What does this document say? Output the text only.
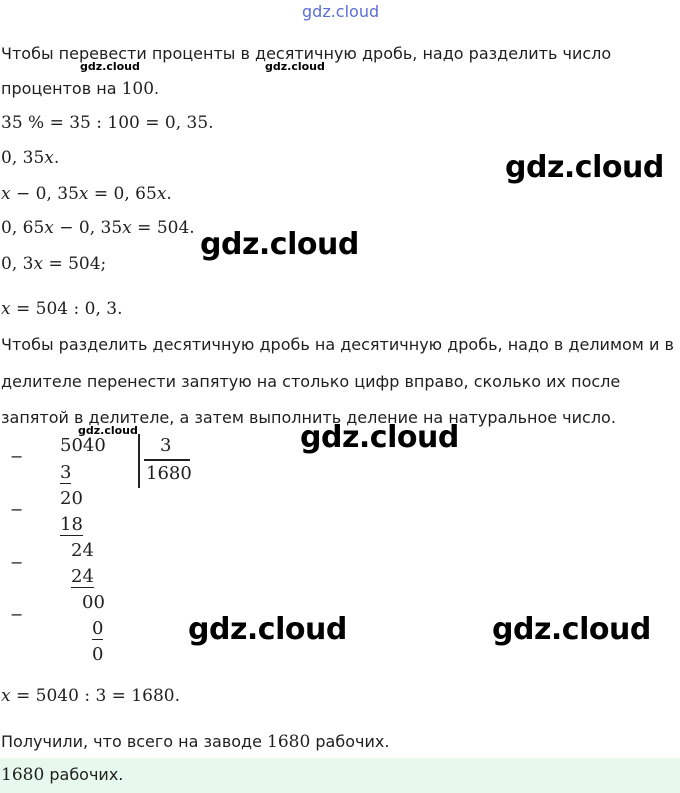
gdz.cloud
Чтобы перевести проценты в десятичную дробь, надо разделить число
gdz.cloud	gdz.cloud
процентов на 100.
35 % = 35 : 100 = 0, 35.
0, 35x.
x − 0, 35x = 0, 65x.
0, 65x − 0, 35x = 504.
0, 3x = 504;
x = 504 : 0, 3.
Чтобы разделить десятичную дробь на десятичную дробь, надо в делимом и в
делителе перенести запятую на столько цифр вправо, сколько их после
запятой в делителе, а затем выполнить деление на натуральное число.
gdz.cloud
−
−
−
−
5040	3
1680
3
20
18
24
24
00
0
0
x = 5040 : 3 = 1680.
Получили, что всего на заводе 1680 рабочих.
1680 рабочих.
gdz.cloud
gdz.cloud
gdz.cloud
gdz.cloud	gdz.cloud
